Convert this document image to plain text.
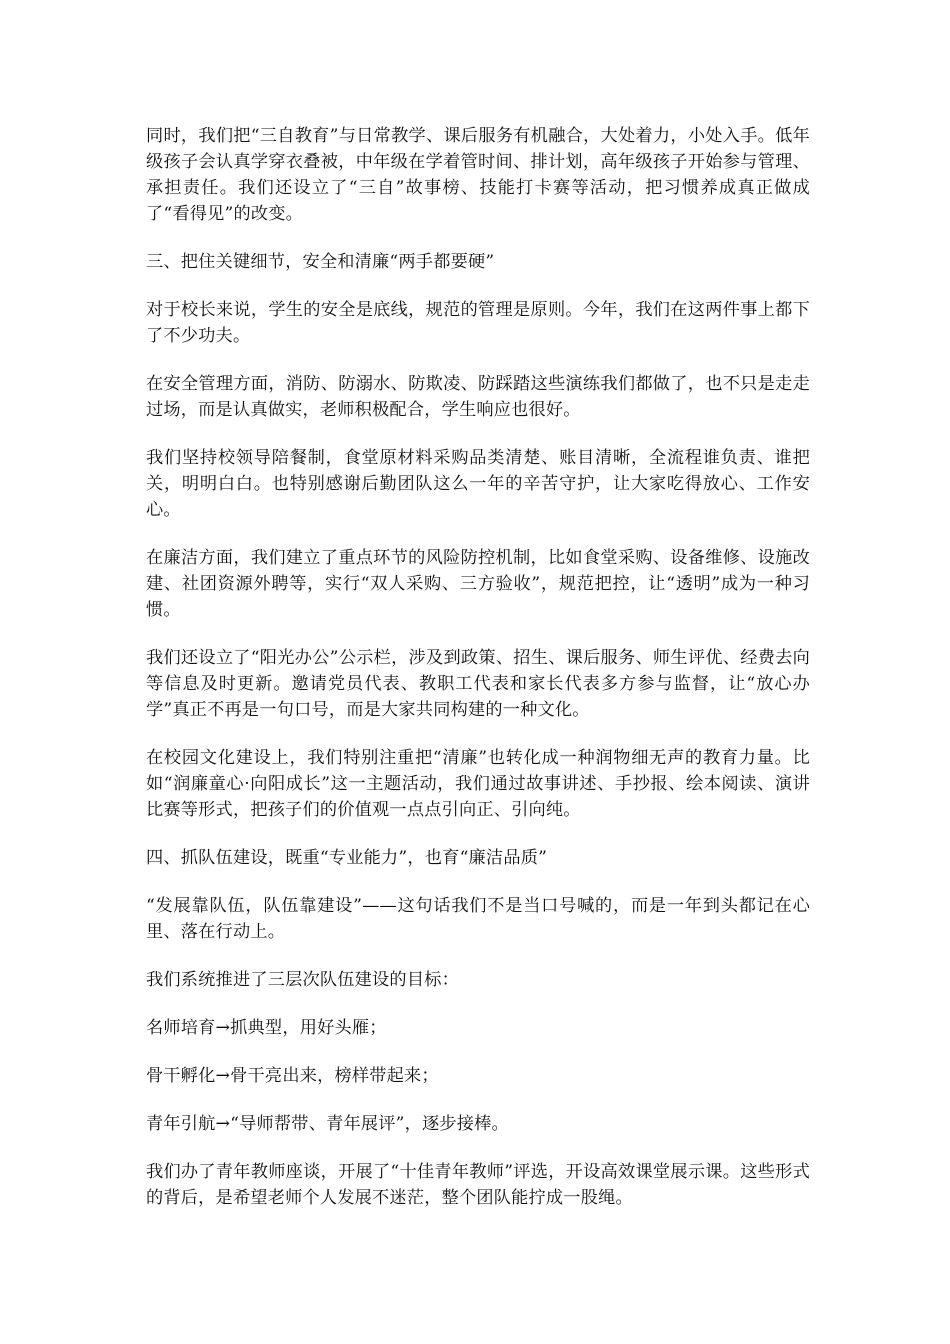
同时，我们把“三自教育”与日常教学、课后服务有机融合，大处着力，小处入手。低年级孩子会认真学穿衣叠被，中年级在学着管时间、排计划，高年级孩子开始参与管理、承担责任。我们还设立了“三自”故事榜、技能打卡赛等活动，把习惯养成真正做成了“看得见”的改变。

三、把住关键细节，安全和清廉“两手都要硬”

对于校长来说，学生的安全是底线，规范的管理是原则。今年，我们在这两件事上都下了不少功夫。

在安全管理方面，消防、防溺水、防欺凌、防踩踏这些演练我们都做了，也不只是走走过场，而是认真做实，老师积极配合，学生响应也很好。

我们坚持校领导陪餐制，食堂原材料采购品类清楚、账目清晰，全流程谁负责、谁把关，明明白白。也特别感谢后勤团队这么一年的辛苦守护，让大家吃得放心、工作安心。

在廉洁方面，我们建立了重点环节的风险防控机制，比如食堂采购、设备维修、设施改建、社团资源外聘等，实行“双人采购、三方验收”，规范把控，让“透明”成为一种习惯。

我们还设立了“阳光办公”公示栏，涉及到政策、招生、课后服务、师生评优、经费去向等信息及时更新。邀请党员代表、教职工代表和家长代表多方参与监督，让“放心办学”真正不再是一句口号，而是大家共同构建的一种文化。

在校园文化建设上，我们特别注重把“清廉”也转化成一种润物细无声的教育力量。比如“润廉童心·向阳成长”这一主题活动，我们通过故事讲述、手抄报、绘本阅读、演讲比赛等形式，把孩子们的价值观一点点引向正、引向纯。

四、抓队伍建设，既重“专业能力”，也育“廉洁品质”

“发展靠队伍，队伍靠建设”——这句话我们不是当口号喊的，而是一年到头都记在心里、落在行动上。

我们系统推进了三层次队伍建设的目标：

名师培育→抓典型，用好头雁；

骨干孵化→骨干亮出来，榜样带起来；

青年引航→“导师帮带、青年展评”，逐步接棒。

我们办了青年教师座谈，开展了“十佳青年教师”评选，开设高效课堂展示课。这些形式的背后，是希望老师个人发展不迷茫，整个团队能拧成一股绳。
